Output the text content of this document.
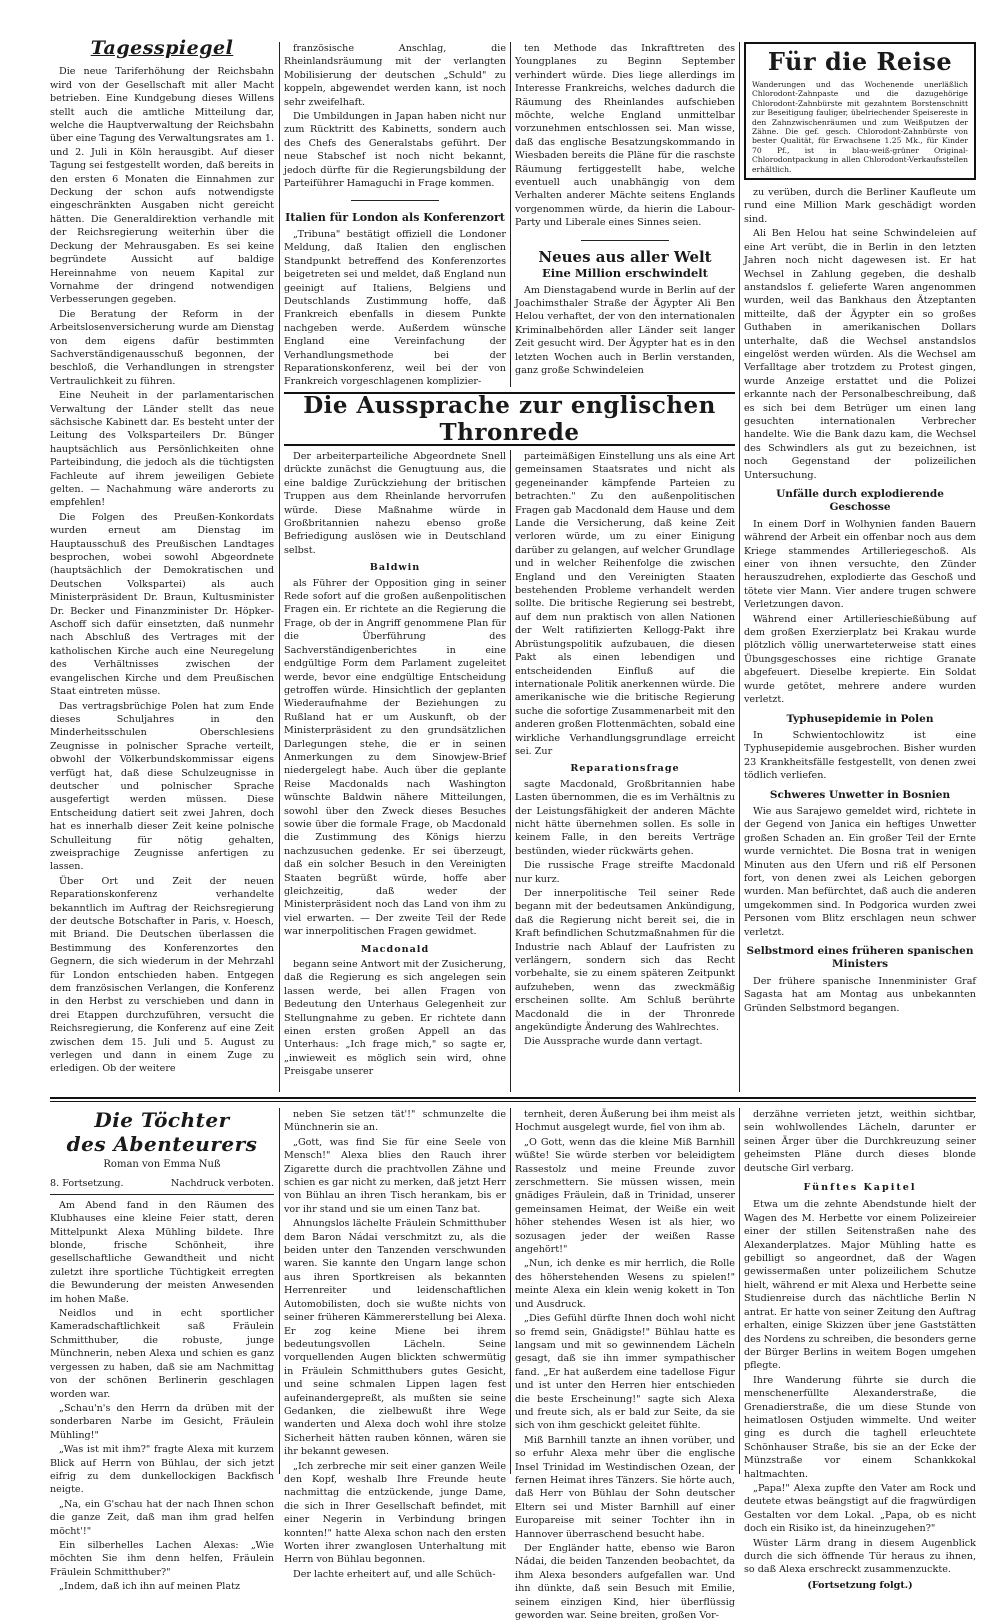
Tagesspiegel

Die neue Tariferhöhung der Reichsbahn wird von der Gesellschaft mit aller Macht betrieben. Eine Kundgebung dieses Willens stellt auch die amtliche Mitteilung dar, welche die Hauptverwaltung der Reichsbahn über eine Tagung des Verwaltungsrates am 1. und 2. Juli in Köln herausgibt. Auf dieser Tagung sei festgestellt worden, daß bereits in den ersten 6 Monaten die Einnahmen zur Deckung der schon aufs notwendigste eingeschränkten Ausgaben nicht gereicht hätten. Die Generaldirektion verhandle mit der Reichsregierung weiterhin über die Deckung der Mehrausgaben. Es sei keine begründete Aussicht auf baldige Hereinnahme von neuem Kapital zur Vornahme der dringend notwendigen Verbesserungen gegeben.

Die Beratung der Reform in der Arbeitslosenversicherung wurde am Dienstag von dem eigens dafür bestimmten Sachverständigenausschuß begonnen, der beschloß, die Verhandlungen in strengster Vertraulichkeit zu führen.

Eine Neuheit in der parlamentarischen Verwaltung der Länder stellt das neue sächsische Kabinett dar. Es besteht unter der Leitung des Volksparteilers Dr. Bünger hauptsächlich aus Persönlichkeiten ohne Parteibindung, die jedoch als die tüchtigsten Fachleute auf ihrem jeweiligen Gebiete gelten. — Nachahmung wäre anderorts zu empfehlen!

Die Folgen des Preußen-Konkordats wurden erneut am Dienstag im Hauptausschuß des Preußischen Landtages besprochen, wobei sowohl Abgeordnete (hauptsächlich der Demokratischen und Deutschen Volkspartei) als auch Ministerpräsident Dr. Braun, Kultusminister Dr. Becker und Finanzminister Dr. Höpker-Aschoff sich dafür einsetzten, daß nunmehr nach Abschluß des Vertrages mit der katholischen Kirche auch eine Neuregelung des Verhältnisses zwischen der evangelischen Kirche und dem Preußischen Staat eintreten müsse.

Das vertragsbrüchige Polen hat zum Ende dieses Schuljahres in den Minderheitsschulen Oberschlesiens Zeugnisse in polnischer Sprache verteilt, obwohl der Völkerbundskommissar eigens verfügt hat, daß diese Schulzeugnisse in deutscher und polnischer Sprache ausgefertigt werden müssen. Diese Entscheidung datiert seit zwei Jahren, doch hat es innerhalb dieser Zeit keine polnische Schulleitung für nötig gehalten, zweisprachige Zeugnisse anfertigen zu lassen.

Über Ort und Zeit der neuen Reparationskonferenz verhandelte bekanntlich im Auftrag der Reichsregierung der deutsche Botschafter in Paris, v. Hoesch, mit Briand. Die Deutschen überlassen die Bestimmung des Konferenzortes den Gegnern, die sich wiederum in der Mehrzahl für London entschieden haben. Entgegen dem französischen Verlangen, die Konferenz in den Herbst zu verschieben und dann in drei Etappen durchzuführen, versucht die Reichsregierung, die Konferenz auf eine Zeit zwischen dem 15. Juli und 5. August zu verlegen und dann in einem Zuge zu erledigen. Ob der weitere

französische Anschlag, die Rheinlandsräumung mit der verlangten Mobilisierung der deutschen „Schuld" zu koppeln, abgewendet werden kann, ist noch sehr zweifelhaft.

Die Umbildungen in Japan haben nicht nur zum Rücktritt des Kabinetts, sondern auch des Chefs des Generalstabs geführt. Der neue Stabschef ist noch nicht bekannt, jedoch dürfte für die Regierungsbildung der Parteiführer Hamaguchi in Frage kommen.

Italien für London als Konferenzort

„Tribuna" bestätigt offiziell die Londoner Meldung, daß Italien den englischen Standpunkt betreffend des Konferenzortes beigetreten sei und meldet, daß England nun geeinigt auf Italiens, Belgiens und Deutschlands Zustimmung hoffe, daß Frankreich ebenfalls in diesem Punkte nachgeben werde. Außerdem wünsche England eine Vereinfachung der Verhandlungsmethode bei der Reparationskonferenz, weil bei der von Frankreich vorgeschlagenen komplizier-

ten Methode das Inkrafttreten des Youngplanes zu Beginn September verhindert würde. Dies liege allerdings im Interesse Frankreichs, welches dadurch die Räumung des Rheinlandes aufschieben möchte, welche England unmittelbar vorzunehmen entschlossen sei. Man wisse, daß das englische Besatzungskommando in Wiesbaden bereits die Pläne für die raschste Räumung fertiggestellt habe, welche eventuell auch unabhängig von dem Verhalten anderer Mächte seitens Englands vorgenommen würde, da hierin die Labour-Party und Liberale eines Sinnes seien.

Neues aus aller Welt
Eine Million erschwindelt

Am Dienstagabend wurde in Berlin auf der Joachimsthaler Straße der Ägypter Ali Ben Helou verhaftet, der von den internationalen Kriminalbehörden aller Länder seit langer Zeit gesucht wird. Der Ägypter hat es in den letzten Wochen auch in Berlin verstanden, ganz große Schwindeleien

Für die Reise
Wanderungen und das Wochenende unerläßlich Chlorodont-Zahnpaste und die dazugehörige Chlorodont-Zahnbürste mit gezahntem Borstenschnitt zur Beseitigung fauliger, übelriechender Speisereste in den Zahnzwischenräumen und zum Weißputzen der Zähne. Die gef. gesch. Chlorodont-Zahnbürste von bester Qualität, für Erwachsene 1.25 Mk., für Kinder 70 Pf., ist in blau-weiß-grüner Original-Chlorodontpackung in allen Chlorodont-Verkaufsstellen erhältlich.

zu verüben, durch die Berliner Kaufleute um rund eine Million Mark geschädigt worden sind.

Ali Ben Helou hat seine Schwindeleien auf eine Art verübt, die in Berlin in den letzten Jahren noch nicht dagewesen ist. Er hat Wechsel in Zahlung gegeben, die deshalb anstandslos f. gelieferte Waren angenommen wurden, weil das Bankhaus den Ätzeptanten mitteilte, daß der Ägypter ein so großes Guthaben in amerikanischen Dollars unterhalte, daß die Wechsel anstandslos eingelöst werden würden. Als die Wechsel am Verfalltage aber trotzdem zu Protest gingen, wurde Anzeige erstattet und die Polizei erkannte nach der Personalbeschreibung, daß es sich bei dem Betrüger um einen lang gesuchten internationalen Verbrecher handelte. Wie die Bank dazu kam, die Wechsel des Schwindlers als gut zu bezeichnen, ist noch Gegenstand der polizeilichen Untersuchung.

Unfälle durch explodierende Geschosse

In einem Dorf in Wolhynien fanden Bauern während der Arbeit ein offenbar noch aus dem Kriege stammendes Artilleriegeschoß. Als einer von ihnen versuchte, den Zünder herauszudrehen, explodierte das Geschoß und tötete vier Mann. Vier andere trugen schwere Verletzungen davon.

Während einer Artillerieschießübung auf dem großen Exerzierplatz bei Krakau wurde plötzlich völlig unerwarteterweise statt eines Übungsgeschosses eine richtige Granate abgefeuert. Dieselbe krepierte. Ein Soldat wurde getötet, mehrere andere wurden verletzt.

Typhusepidemie in Polen

In Schwientochlowitz ist eine Typhusepidemie ausgebrochen. Bisher wurden 23 Krankheitsfälle festgestellt, von denen zwei tödlich verliefen.

Schweres Unwetter in Bosnien

Wie aus Sarajewo gemeldet wird, richtete in der Gegend von Janica ein heftiges Unwetter großen Schaden an. Ein großer Teil der Ernte wurde vernichtet. Die Bosna trat in wenigen Minuten aus den Ufern und riß elf Personen fort, von denen zwei als Leichen geborgen wurden. Man befürchtet, daß auch die anderen umgekommen sind. In Podgorica wurden zwei Personen vom Blitz erschlagen neun schwer verletzt.

Selbstmord eines früheren spanischen Ministers

Der frühere spanische Innenminister Graf Sagasta hat am Montag aus unbekannten Gründen Selbstmord begangen.

Die Aussprache zur englischen Thronrede

Der arbeiterparteiliche Abgeordnete Snell drückte zunächst die Genugtuung aus, die eine baldige Zurückziehung der britischen Truppen aus dem Rheinlande hervorrufen würde. Diese Maßnahme würde in Großbritannien nahezu ebenso große Befriedigung auslösen wie in Deutschland selbst.

Baldwin

als Führer der Opposition ging in seiner Rede sofort auf die großen außenpolitischen Fragen ein. Er richtete an die Regierung die Frage, ob der in Angriff genommene Plan für die Überführung des Sachverständigenberichtes in eine endgültige Form dem Parlament zugeleitet werde, bevor eine endgültige Entscheidung getroffen würde. Hinsichtlich der geplanten Wiederaufnahme der Beziehungen zu Rußland hat er um Auskunft, ob der Ministerpräsident zu den grundsätzlichen Darlegungen stehe, die er in seinen Anmerkungen zu dem Sinowjew-Brief niedergelegt habe. Auch über die geplante Reise Macdonalds nach Washington wünschte Baldwin nähere Mitteilungen, sowohl über den Zweck dieses Besuches sowie über die formale Frage, ob Macdonald die Zustimmung des Königs hierzu nachzusuchen gedenke. Er sei überzeugt, daß ein solcher Besuch in den Vereinigten Staaten begrüßt würde, hoffe aber gleichzeitig, daß weder der Ministerpräsident noch das Land von ihm zu viel erwarten. — Der zweite Teil der Rede war innerpolitischen Fragen gewidmet.

Macdonald

begann seine Antwort mit der Zusicherung, daß die Regierung es sich angelegen sein lassen werde, bei allen Fragen von Bedeutung den Unterhaus Gelegenheit zur Stellungnahme zu geben. Er richtete dann einen ersten großen Appell an das Unterhaus: „Ich frage mich," so sagte er, „inwieweit es möglich sein wird, ohne Preisgabe unserer

parteimäßigen Einstellung uns als eine Art gemeinsamen Staatsrates und nicht als gegeneinander kämpfende Parteien zu betrachten." Zu den außenpolitischen Fragen gab Macdonald dem Hause und dem Lande die Versicherung, daß keine Zeit verloren würde, um zu einer Einigung darüber zu gelangen, auf welcher Grundlage und in welcher Reihenfolge die zwischen England und den Vereinigten Staaten bestehenden Probleme verhandelt werden sollte. Die britische Regierung sei bestrebt, auf dem nun praktisch von allen Nationen der Welt ratifizierten Kellogg-Pakt ihre Abrüstungspolitik aufzubauen, die diesen Pakt als einen lebendigen und entscheidenden Einfluß auf die internationale Politik anerkennen würde. Die amerikanische wie die britische Regierung suche die sofortige Zusammenarbeit mit den anderen großen Flottenmächten, sobald eine wirkliche Verhandlungsgrundlage erreicht sei. Zur

Reparationsfrage

sagte Macdonald, Großbritannien habe Lasten übernommen, die es im Verhältnis zu der Leistungsfähigkeit der anderen Mächte nicht hätte übernehmen sollen. Es solle in keinem Falle, in den bereits Verträge bestünden, wieder rückwärts gehen.

Die russische Frage streifte Macdonald nur kurz.

Der innerpolitische Teil seiner Rede begann mit der bedeutsamen Ankündigung, daß die Regierung nicht bereit sei, die in Kraft befindlichen Schutzmaßnahmen für die Industrie nach Ablauf der Laufristen zu verlängern, sondern sich das Recht vorbehalte, sie zu einem späteren Zeitpunkt aufzuheben, wenn das zweckmäßig erscheinen sollte. Am Schluß berührte Macdonald die in der Thronrede angekündigte Änderung des Wahlrechtes.

Die Aussprache wurde dann vertagt.

Die Töchter
des Abenteurers
Roman von Emma Nuß
8. Fortsetzung.	Nachdruck verboten.

Am Abend fand in den Räumen des Klubhauses eine kleine Feier statt, deren Mittelpunkt Alexa Mühling bildete. Ihre blonde, frische Schönheit, ihre gesellschaftliche Gewandtheit und nicht zuletzt ihre sportliche Tüchtigkeit erregten die Bewunderung der meisten Anwesenden im hohen Maße.

Neidlos und in echt sportlicher Kameradschaftlichkeit saß Fräulein Schmitthuber, die robuste, junge Münchnerin, neben Alexa und schien es ganz vergessen zu haben, daß sie am Nachmittag von der schönen Berlinerin geschlagen worden war.

„Schau'n's den Herrn da drüben mit der sonderbaren Narbe im Gesicht, Fräulein Mühling!"

„Was ist mit ihm?" fragte Alexa mit kurzem Blick auf Herrn von Bühlau, der sich jetzt eifrig zu dem dunkellockigen Backfisch neigte.

„Na, ein G'schau hat der nach Ihnen schon die ganze Zeit, daß man ihm grad helfen möcht'!"

Ein silberhelles Lachen Alexas: „Wie möchten Sie ihm denn helfen, Fräulein Fräulein Schmitthuber?"

„Indem, daß ich ihn auf meinen Platz

neben Sie setzen tät'!" schmunzelte die Münchnerin sie an.

„Gott, was find Sie für eine Seele von Mensch!" Alexa blies den Rauch ihrer Zigarette durch die prachtvollen Zähne und schien es gar nicht zu merken, daß jetzt Herr von Bühlau an ihren Tisch herankam, bis er vor ihr stand und sie um einen Tanz bat.

Ahnungslos lächelte Fräulein Schmitthuber dem Baron Nádai verschmitzt zu, als die beiden unter den Tanzenden verschwunden waren. Sie kannte den Ungarn lange schon aus ihren Sportkreisen als bekannten Herrenreiter und leidenschaftlichen Automobilisten, doch sie wußte nichts von seiner früheren Kämmererstellung bei Alexa. Er zog keine Miene bei ihrem bedeutungsvollen Lächeln. Seine vorquellenden Augen blickten schwermütig in Fräulein Schmitthubers gutes Gesicht, und seine schmalen Lippen lagen fest aufeinandergepreßt, als mußten sie seine Gedanken, die zielbewußt ihre Wege wanderten und Alexa doch wohl ihre stolze Sicherheit hätten rauben können, wären sie ihr bekannt gewesen.

„Ich zerbreche mir seit einer ganzen Weile den Kopf, weshalb Ihre Freunde heute nachmittag die entzückende, junge Dame, die sich in Ihrer Gesellschaft befindet, mit einer Negerin in Verbindung bringen konnten!" hatte Alexa schon nach den ersten Worten ihrer zwanglosen Unterhaltung mit Herrn von Bühlau begonnen.

Der lachte erheitert auf, und alle Schüch-

ternheit, deren Äußerung bei ihm meist als Hochmut ausgelegt wurde, fiel von ihm ab.

„O Gott, wenn das die kleine Miß Barnhill wüßte! Sie würde sterben vor beleidigtem Rassestolz und meine Freunde zuvor zerschmettern. Sie müssen wissen, mein gnädiges Fräulein, daß in Trinidad, unserer gemeinsamen Heimat, der Weiße ein weit höher stehendes Wesen ist als hier, wo sozusagen jeder der weißen Rasse angehört!"

„Nun, ich denke es mir herrlich, die Rolle des höherstehenden Wesens zu spielen!" meinte Alexa ein klein wenig kokett in Ton und Ausdruck.

„Dies Gefühl dürfte Ihnen doch wohl nicht so fremd sein, Gnädigste!" Bühlau hatte es langsam und mit so gewinnendem Lächeln gesagt, daß sie ihn immer sympathischer fand. „Er hat außerdem eine tadellose Figur und ist unter den Herren hier entschieden die beste Erscheinung!" sagte sich Alexa und freute sich, als er bald zur Seite, da sie sich von ihm geschickt geleitet fühlte.

Miß Barnhill tanzte an ihnen vorüber, und so erfuhr Alexa mehr über die englische Insel Trinidad im Westindischen Ozean, der fernen Heimat ihres Tänzers. Sie hörte auch, daß Herr von Bühlau der Sohn deutscher Eltern sei und Mister Barnhill auf einer Europareise mit seiner Tochter ihn in Hannover überraschend besucht habe.

Der Engländer hatte, ebenso wie Baron Nádai, die beiden Tanzenden beobachtet, da ihm Alexa besonders aufgefallen war. Und ihn dünkte, daß sein Besuch mit Emilie, seinem einzigen Kind, hier überflüssig geworden war. Seine breiten, großen Vor-

derzähne verrieten jetzt, weithin sichtbar, sein wohlwollendes Lächeln, darunter er seinen Ärger über die Durchkreuzung seiner geheimsten Pläne durch dieses blonde deutsche Girl verbarg.

Fünftes Kapitel

Etwa um die zehnte Abendstunde hielt der Wagen des M. Herbette vor einem Polizeireier einer der stillen Seitenstraßen nahe des Alexanderplatzes. Major Mühling hatte es gebilligt so angeordnet, daß der Wagen gewissermaßen unter polizeilichem Schutze hielt, während er mit Alexa und Herbette seine Studienreise durch das nächtliche Berlin N antrat. Er hatte von seiner Zeitung den Auftrag erhalten, einige Skizzen über jene Gaststätten des Nordens zu schreiben, die besonders gerne der Bürger Berlins in weitem Bogen umgehen pflegte.

Ihre Wanderung führte sie durch die menschenerfüllte Alexanderstraße, die Grenadierstraße, die um diese Stunde von heimatlosen Ostjuden wimmelte. Und weiter ging es durch die taghell erleuchtete Schönhauser Straße, bis sie an der Ecke der Münzstraße vor einem Schankkokal haltmachten.

„Papa!" Alexa zupfte den Vater am Rock und deutete etwas beängstigt auf die fragwürdigen Gestalten vor dem Lokal. „Papa, ob es nicht doch ein Risiko ist, da hineinzugehen?"

Wüster Lärm drang in diesem Augenblick durch die sich öffnende Tür heraus zu ihnen, so daß Alexa erschreckt zusammenzuckte.

(Fortsetzung folgt.)
